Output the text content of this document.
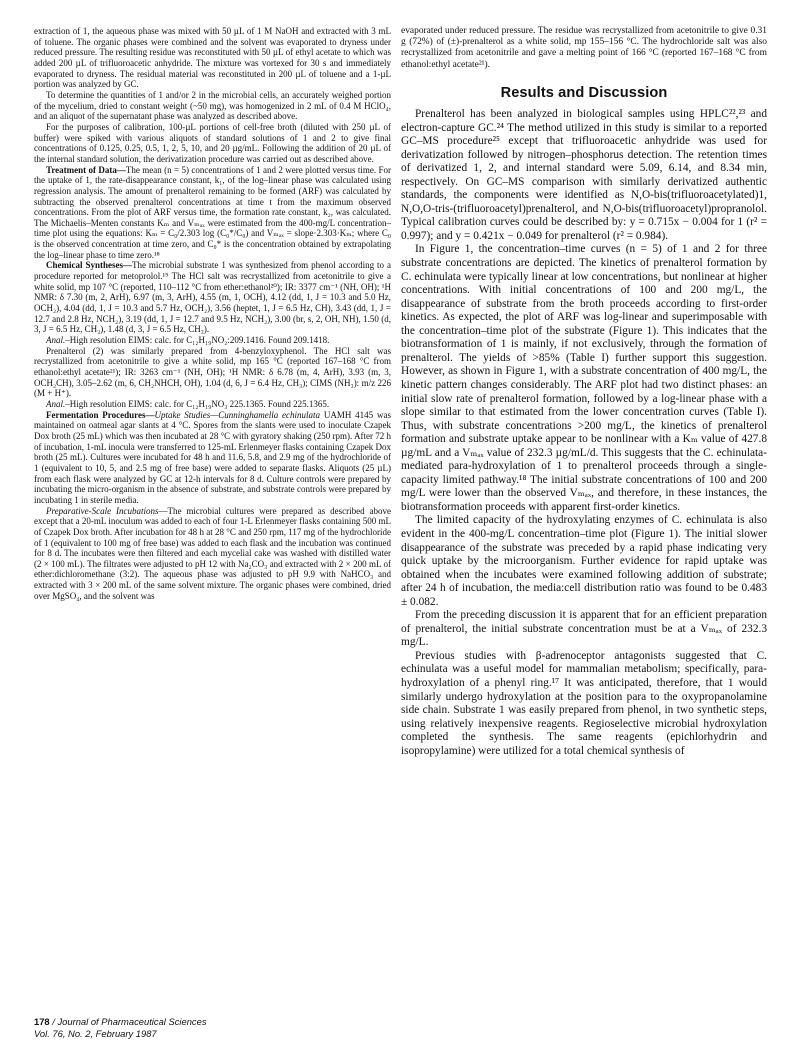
extraction of 1, the aqueous phase was mixed with 50 µL of 1 M NaOH and extracted with 3 mL of toluene. The organic phases were combined and the solvent was evaporated to dryness under reduced pressure. The resulting residue was reconstituted with 50 µL of ethyl acetate to which was added 200 µL of trifluoroacetic anhydride. The mixture was vortexed for 30 s and immediately evaporated to dryness. The residual material was reconstituted in 200 µL of toluene and a 1-µL portion was analyzed by GC.

To determine the quantities of 1 and/or 2 in the microbial cells, an accurately weighed portion of the mycelium, dried to constant weight (~50 mg), was homogenized in 2 mL of 0.4 M HClO₄, and an aliquot of the supernatant phase was analyzed as described above.

For the purposes of calibration, 100-µL portions of cell-free broth (diluted with 250 µL of buffer) were spiked with various aliquots of standard solutions of 1 and 2 to give final concentrations of 0.125, 0.25, 0.5, 1, 2, 5, 10, and 20 µg/mL. Following the addition of 20 µL of the internal standard solution, the derivatization procedure was carried out as described above.

Treatment of Data—The mean (n = 5) concentrations of 1 and 2 were plotted versus time. For the uptake of 1, the rate-disappearance constant, k₁, of the log–linear phase was calculated using regression analysis. The amount of prenalterol remaining to be formed (ARF) was calculated by subtracting the observed prenalterol concentrations at time t from the maximum observed concentrations. From the plot of ARF versus time, the formation rate constant, k₂, was calculated. The Michaelis–Menten constants Kₘ and Vₘₐₓ were estimated from the 400-mg/L concentration–time plot using the equations: Kₘ = C₀/2.303 log (C₀*/C₀) and Vₘₐₓ = slope·2.303·Kₘ; where C₀ is the observed concentration at time zero, and C₀* is the concentration obtained by extrapolating the log–linear phase to time zero.¹⁸

Chemical Syntheses—The microbial substrate 1 was synthesized from phenol according to a procedure reported for metoprolol.¹⁹ The HCl salt was recrystallized from acetonitrile to give a white solid, mp 107 °C (reported, 110–112 °C from ether:ethanol²⁰); IR: 3377 cm⁻¹ (NH, OH); ¹H NMR: δ 7.30 (m, 2, ArH), 6.97 (m, 3, ArH), 4.55 (m, 1, OCH), 4.12 (dd, 1, J = 10.3 and 5.0 Hz, OCH₂), 4.04 (dd, 1, J = 10.3 and 5.7 Hz, OCH₂), 3.56 (heptet, 1, J = 6.5 Hz, CH), 3.43 (dd, 1, J = 12.7 and 2.8 Hz, NCH₂), 3.19 (dd, 1, J = 12.7 and 9.5 Hz, NCH₂), 3.00 (br, s, 2, OH, NH), 1.50 (d, 3, J = 6.5 Hz, CH₃), 1.48 (d, 3, J = 6.5 Hz, CH₃).

Anal.–High resolution EIMS: calc. for C₁₂H₁₉NO₂:209.1416. Found 209.1418.

Prenalterol (2) was similarly prepared from 4-benzyloxyphenol. The HCl salt was recrystallized from acetonitrile to give a white solid, mp 165 °C (reported 167–168 °C from ethanol:ethyl acetate²¹); IR: 3263 cm⁻¹ (NH, OH); ¹H NMR: δ 6.78 (m, 4, ArH), 3.93 (m, 3, OCH₂CH), 3.05–2.62 (m, 6, CH₂NHCH, OH), 1.04 (d, 6, J = 6.4 Hz, CH₃); CIMS (NH₃): m/z 226 (M + H⁺).

Anal.–High resolution EIMS: calc. for C₁₂H₁₉NO₃ 225.1365. Found 225.1365.

Fermentation Procedures—Uptake Studies—Cunninghamella echinulata UAMH 4145 was maintained on oatmeal agar slants at 4 °C. Spores from the slants were used to inoculate Czapek Dox broth (25 mL) which was then incubated at 28 °C with gyratory shaking (250 rpm). After 72 h of incubation, 1-mL inocula were transferred to 125-mL Erlenmeyer flasks containing Czapek Dox broth (25 mL). Cultures were incubated for 48 h and 11.6, 5.8, and 2.9 mg of the hydrochloride of 1 (equivalent to 10, 5, and 2.5 mg of free base) were added to separate flasks. Aliquots (25 µL) from each flask were analyzed by GC at 12-h intervals for 8 d. Culture controls were prepared by incubating the micro-organism in the absence of substrate, and substrate controls were prepared by incubating 1 in sterile media.

Preparative-Scale Incubations—The microbial cultures were prepared as described above except that a 20-mL inoculum was added to each of four 1-L Erlenmeyer flasks containing 500 mL of Czapek Dox broth. After incubation for 48 h at 28 °C and 250 rpm, 117 mg of the hydrochloride of 1 (equivalent to 100 mg of free base) was added to each flask and the incubation was continued for 8 d. The incubates were then filtered and each mycelial cake was washed with distilled water (2 × 100 mL). The filtrates were adjusted to pH 12 with Na₂CO₃ and extracted with 2 × 200 mL of ether:dichloromethane (3:2). The aqueous phase was adjusted to pH 9.9 with NaHCO₃ and extracted with 3 × 200 mL of the same solvent mixture. The organic phases were combined, dried over MgSO₄, and the solvent was

evaporated under reduced pressure. The residue was recrystallized from acetonitrile to give 0.31 g (72%) of (±)-prenalterol as a white solid, mp 155–156 °C. The hydrochloride salt was also recrystallized from acetonitrile and gave a melting point of 166 °C (reported 167–168 °C from ethanol:ethyl acetate²¹).

Results and Discussion

Prenalterol has been analyzed in biological samples using HPLC²²,²³ and electron-capture GC.²⁴ The method utilized in this study is similar to a reported GC–MS procedure²⁵ except that trifluoroacetic anhydride was used for derivatization followed by nitrogen–phosphorus detection. The retention times of derivatized 1, 2, and internal standard were 5.09, 6.14, and 8.34 min, respectively. On GC–MS comparison with similarly derivatized authentic standards, the components were identified as N,O-bis(trifluoroacetylated)1, N,O,O-tris-(trifluoroacetyl)prenalterol, and N,O-bis(trifluoroacetyl)propranolol. Typical calibration curves could be described by: y = 0.715x − 0.004 for 1 (r² = 0.997); and y = 0.421x − 0.049 for prenalterol (r² = 0.984).

In Figure 1, the concentration–time curves (n = 5) of 1 and 2 for three substrate concentrations are depicted. The kinetics of prenalterol formation by C. echinulata were typically linear at low concentrations, but nonlinear at higher concentrations. With initial concentrations of 100 and 200 mg/L, the disappearance of substrate from the broth proceeds according to first-order kinetics. As expected, the plot of ARF was log-linear and superimposable with the concentration–time plot of the substrate (Figure 1). This indicates that the biotransformation of 1 is mainly, if not exclusively, through the formation of prenalterol. The yields of >85% (Table I) further support this suggestion. However, as shown in Figure 1, with a substrate concentration of 400 mg/L, the kinetic pattern changes considerably. The ARF plot had two distinct phases: an initial slow rate of prenalterol formation, followed by a log-linear phase with a slope similar to that estimated from the lower concentration curves (Table I). Thus, with substrate concentrations >200 mg/L, the kinetics of prenalterol formation and substrate uptake appear to be nonlinear with a Kₘ value of 427.8 µg/mL and a Vₘₐₓ value of 232.3 µg/mL/d. This suggests that the C. echinulata-mediated para-hydroxylation of 1 to prenalterol proceeds through a single-capacity limited pathway.¹⁸ The initial substrate concentrations of 100 and 200 mg/L were lower than the observed Vₘₐₓ, and therefore, in these instances, the biotransformation proceeds with apparent first-order kinetics.

The limited capacity of the hydroxylating enzymes of C. echinulata is also evident in the 400-mg/L concentration–time plot (Figure 1). The initial slower disappearance of the substrate was preceded by a rapid phase indicating very quick uptake by the microorganism. Further evidence for rapid uptake was obtained when the incubates were examined following addition of substrate; after 24 h of incubation, the media:cell distribution ratio was found to be 0.483 ± 0.082.

From the preceding discussion it is apparent that for an efficient preparation of prenalterol, the initial substrate concentration must be at a Vₘₐₓ of 232.3 mg/L.

Previous studies with β-adrenoceptor antagonists suggested that C. echinulata was a useful model for mammalian metabolism; specifically, para-hydroxylation of a phenyl ring.¹⁷ It was anticipated, therefore, that 1 would similarly undergo hydroxylation at the position para to the oxypropanolamine side chain. Substrate 1 was easily prepared from phenol, in two synthetic steps, using relatively inexpensive reagents. Regioselective microbial hydroxylation completed the synthesis. The same reagents (epichlorhydrin and isopropylamine) were utilized for a total chemical synthesis of

178 / Journal of Pharmaceutical Sciences
Vol. 76, No. 2, February 1987
